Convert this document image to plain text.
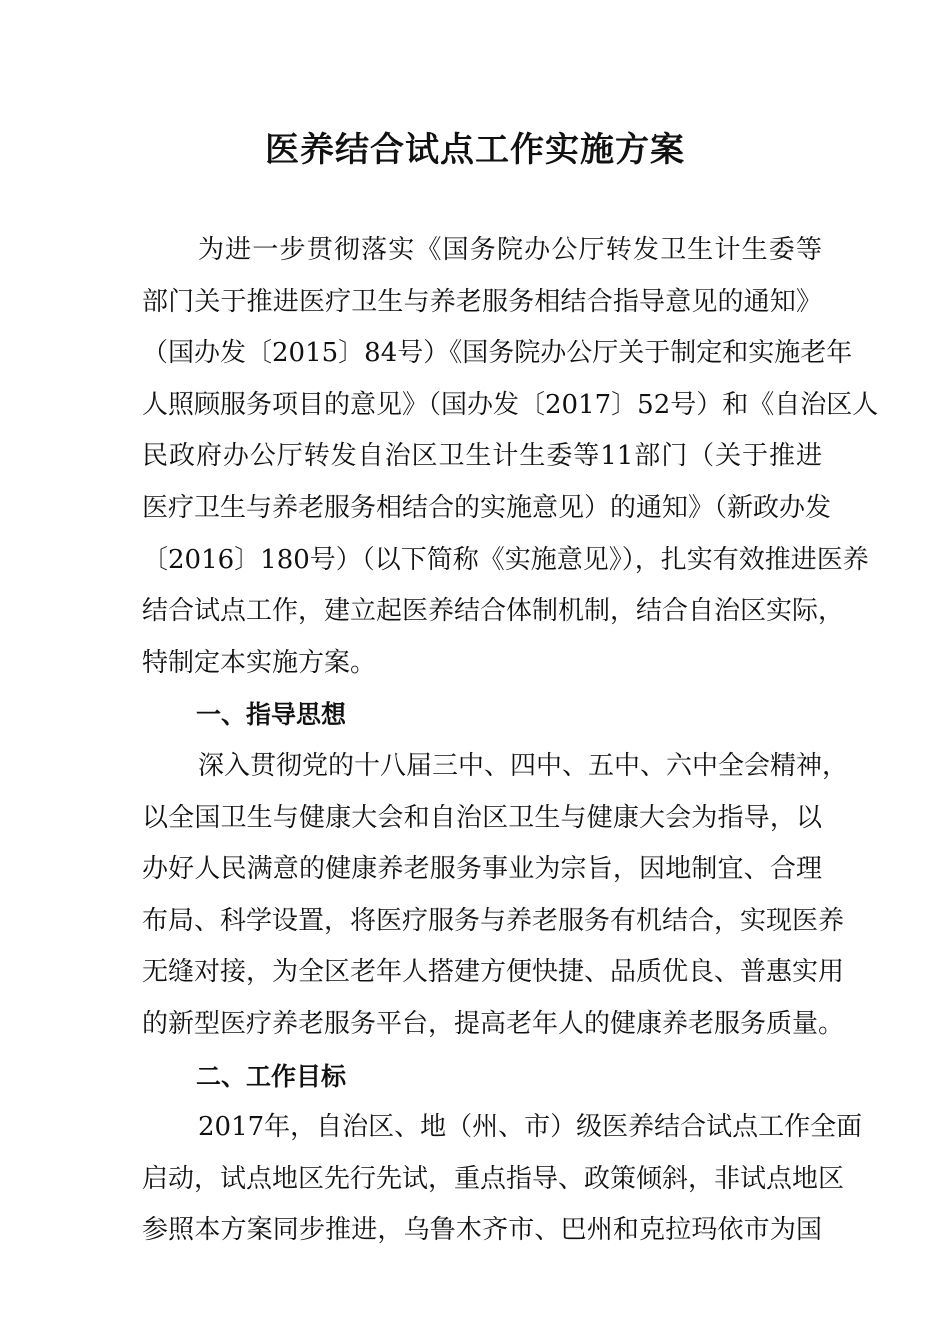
医养结合试点工作实施方案
为进一步贯彻落实《国务院办公厅转发卫生计生委等
部门关于推进医疗卫生与养老服务相结合指导意见的通知》
（国办发〔2015〕84号）《国务院办公厅关于制定和实施老年
人照顾服务项目的意见》（国办发〔2017〕52号）和《自治区人
民政府办公厅转发自治区卫生计生委等11部门（关于推进
医疗卫生与养老服务相结合的实施意见）的通知》（新政办发
〔2016〕180号）（以下简称《实施意见》），扎实有效推进医养
结合试点工作，建立起医养结合体制机制，结合自治区实际，
特制定本实施方案。
一、指导思想
深入贯彻党的十八届三中、四中、五中、六中全会精神，
以全国卫生与健康大会和自治区卫生与健康大会为指导，以
办好人民满意的健康养老服务事业为宗旨，因地制宜、合理
布局、科学设置，将医疗服务与养老服务有机结合，实现医养
无缝对接，为全区老年人搭建方便快捷、品质优良、普惠实用
的新型医疗养老服务平台，提高老年人的健康养老服务质量。
二、工作目标
2017年，自治区、地（州、市）级医养结合试点工作全面
启动，试点地区先行先试，重点指导、政策倾斜，非试点地区
参照本方案同步推进，乌鲁木齐市、巴州和克拉玛依市为国
